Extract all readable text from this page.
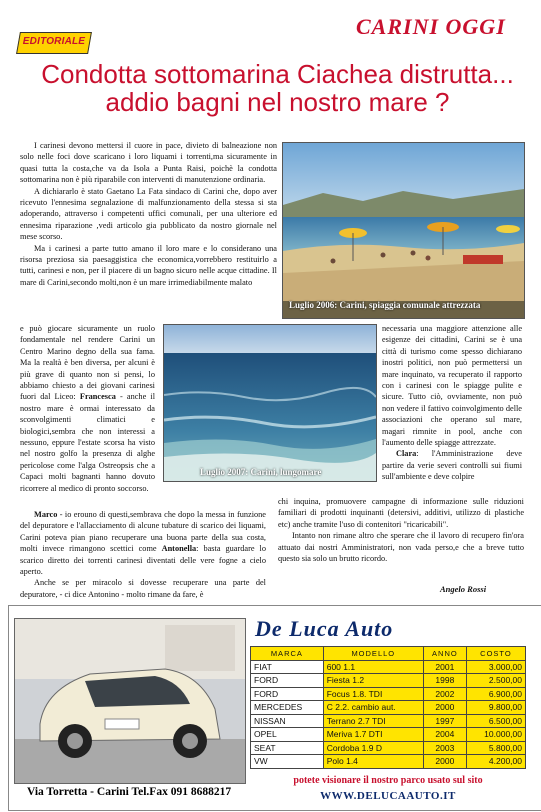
EDITORIALE
CARINI OGGI
Condotta sottomarina Ciachea distrutta...
addio bagni nel nostro mare ?

I carinesi devono mettersi il cuore in pace, divieto di balneazione non solo nelle foci dove scaricano i loro liquami i torrenti,ma sicuramente in quasi tutta la costa,che va da Isola a Punta Raisi, poichè la condotta sottomarina non è più riparabile con interventi di manutenzione ordinaria.

A dichiararlo è stato Gaetano La Fata sindaco di Carini che, dopo aver ricevuto l'ennesima segnalazione di malfunzionamento della stessa si sta adoperando, attraverso i competenti uffici comunali, per una ulteriore ed ennesima riparazione ,vedi articolo gia pubblicato da nostro giornale nel mese scorso.

Ma i carinesi a parte tutto amano il loro mare e lo considerano una risorsa preziosa sia paesaggistica che economica,vorrebbero restituirlo a tutti, carinesi e non, per il piacere di un bagno sicuro nelle acque cittadine. Il mare di Carini,secondo molti,non è un mare irrimediabilmente malato

Luglio 2006: Carini, spiaggia comunale attrezzata

e può giocare sicuramente un ruolo fondamentale nel rendere Carini un Centro Marino degno della sua fama. Ma la realtà è ben diversa, per alcuni è più grave di quanto non si pensi, lo abbiamo chiesto a dei giovani carinesi fuori dal Liceo: Francesca - anche il nostro mare è ormai interessato da sconvolgimenti climatici e biologici,sembra che non interessi a nessuno, eppure l'estate scorsa ha visto nel nostro golfo la presenza di alghe pericolose come l'alga Ostreopsis che a Capaci molti bagnanti hanno dovuto ricorrere al medico di pronto soccorso.

Luglio 2007: Carini, lungomare

necessaria una maggiore attenzione alle esigenze dei cittadini, Carini se è una città di turismo come spesso dichiarano inostri politici, non può permettersi un mare inquinato, va recuperato il rapporto con i carinesi con le spiagge pulite e sicure. Tutto ciò, ovviamente, non può non vedere il fattivo coinvolgimento delle associazioni che operano sul mare, magari rimnite in pool, anche con l'aumento delle spiagge attrezzate.

Clara: l'Amministrazione deve partire da verie severi controlli sui fiumi sull'ambiente e deve colpire

Marco - io erouno di questi,sembrava che dopo la messa in funzione del depuratore e l'allacciamento di alcune tubature di scarico dei liquami, Carini poteva pian piano recuperare una buona parte della sua costa, molti invece rimangono scettici come Antonella: basta guardare lo scarico diretto dei torrenti carinesi diventati delle vere fogne a cielo aperto.

Anche se per miracolo si dovesse recuperare una parte del depuratore, - ci dice Antonino - molto rimane da fare, è

chi inquina, promuovere campagne di informazione sulle riduzioni familiari di prodotti inquinanti (detersivi, additivi, utilizzo di plastiche etc) anche tramite l'uso di contenitori "ricaricabili".

Intanto non rimane altro che sperare che il lavoro di recupero fin'ora attuato dai nostri Amministratori, non vada perso,e che a breve tutto questo sia solo un brutto ricordo.

Angelo Rossi
Via Torretta - Carini Tel.Fax 091 8688217
De Luca Auto
MARCA	MODELLO	ANNO	COSTO
FIAT	600 1.1	2001	3.000,00
FORD	Fiesta 1.2	1998	2.500,00
FORD	Focus 1.8. TDI	2002	6.900,00
MERCEDES	C 2.2. cambio aut.	2000	9.800,00
NISSAN	Terrano 2.7 TDI	1997	6.500,00
OPEL	Meriva 1.7 DTI	2004	10.000,00
SEAT	Cordoba 1.9 D	2003	5.800,00
VW	Polo 1.4	2000	4.200,00
potete visionare il nostro parco usato sul sito
WWW.DELUCAAUTO.IT
